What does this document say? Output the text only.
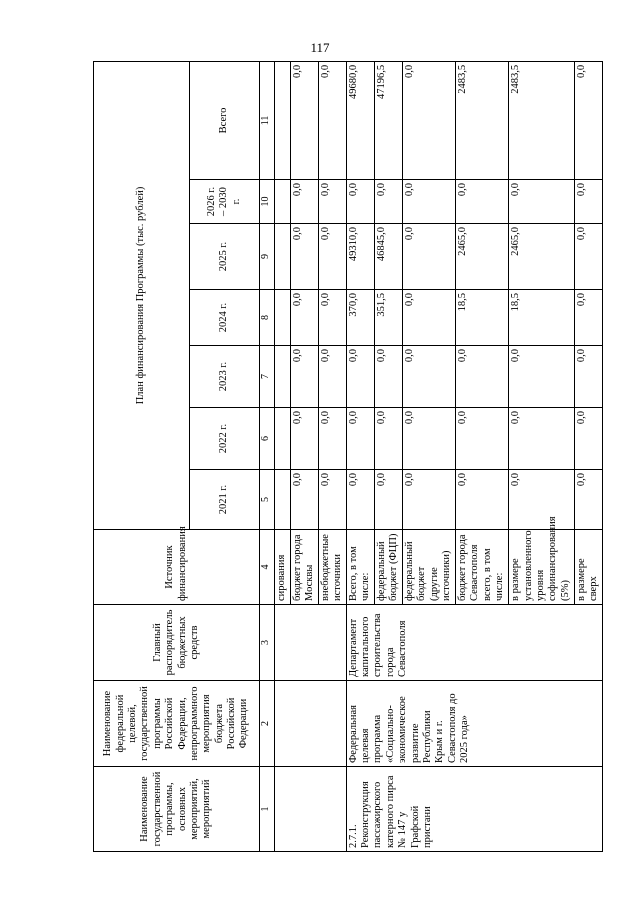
117
Наименование государственной программы, основных мероприятий, мероприятий	Наименование федеральной целевой, государственной программы Российской Федерации, непрограммного мероприятия бюджета Российской Федерации	Главный распорядитель бюджетных средств	Источник финансирования	План финансирования Программы (тыс. рублей)						
				2021 г.	2022 г.	2023 г.	2024 г.	2025 г.	2026 г. – 2030 г.	Всего
1	2	3	4	5	6	7	8	9	10	11
			сирования							
			бюджет города Москвы	0,0	0,0	0,0	0,0	0,0	0,0	0,0
			внебюджетные источники	0,0	0,0	0,0	0,0	0,0	0,0	0,0
2.7.1. Реконструкция пассажирского катерного пирса № 147 у Графской пристани	Федеральная целевая программа «Социально-экономическое развитие Республики Крым и г. Севастополя до 2025 года»	Департамент капитального строительства города Севастополя	Всего, в том числе:	0,0	0,0	0,0	370,0	49310,0	0,0	49680,0
			федеральный бюджет (ФЦП)	0,0	0,0	0,0	351,5	46845,0	0,0	47196,5
			федеральный бюджет (другие источники)	0,0	0,0	0,0	0,0	0,0	0,0	0,0
			бюджет города Севастополя всего, в том числе:	0,0	0,0	0,0	18,5	2465,0	0,0	2483,5
			в размере установленного уровня софинансирования (5%)	0,0	0,0	0,0	18,5	2465,0	0,0	2483,5
			в размере сверх	0,0	0,0	0,0	0,0	0,0	0,0	0,0
